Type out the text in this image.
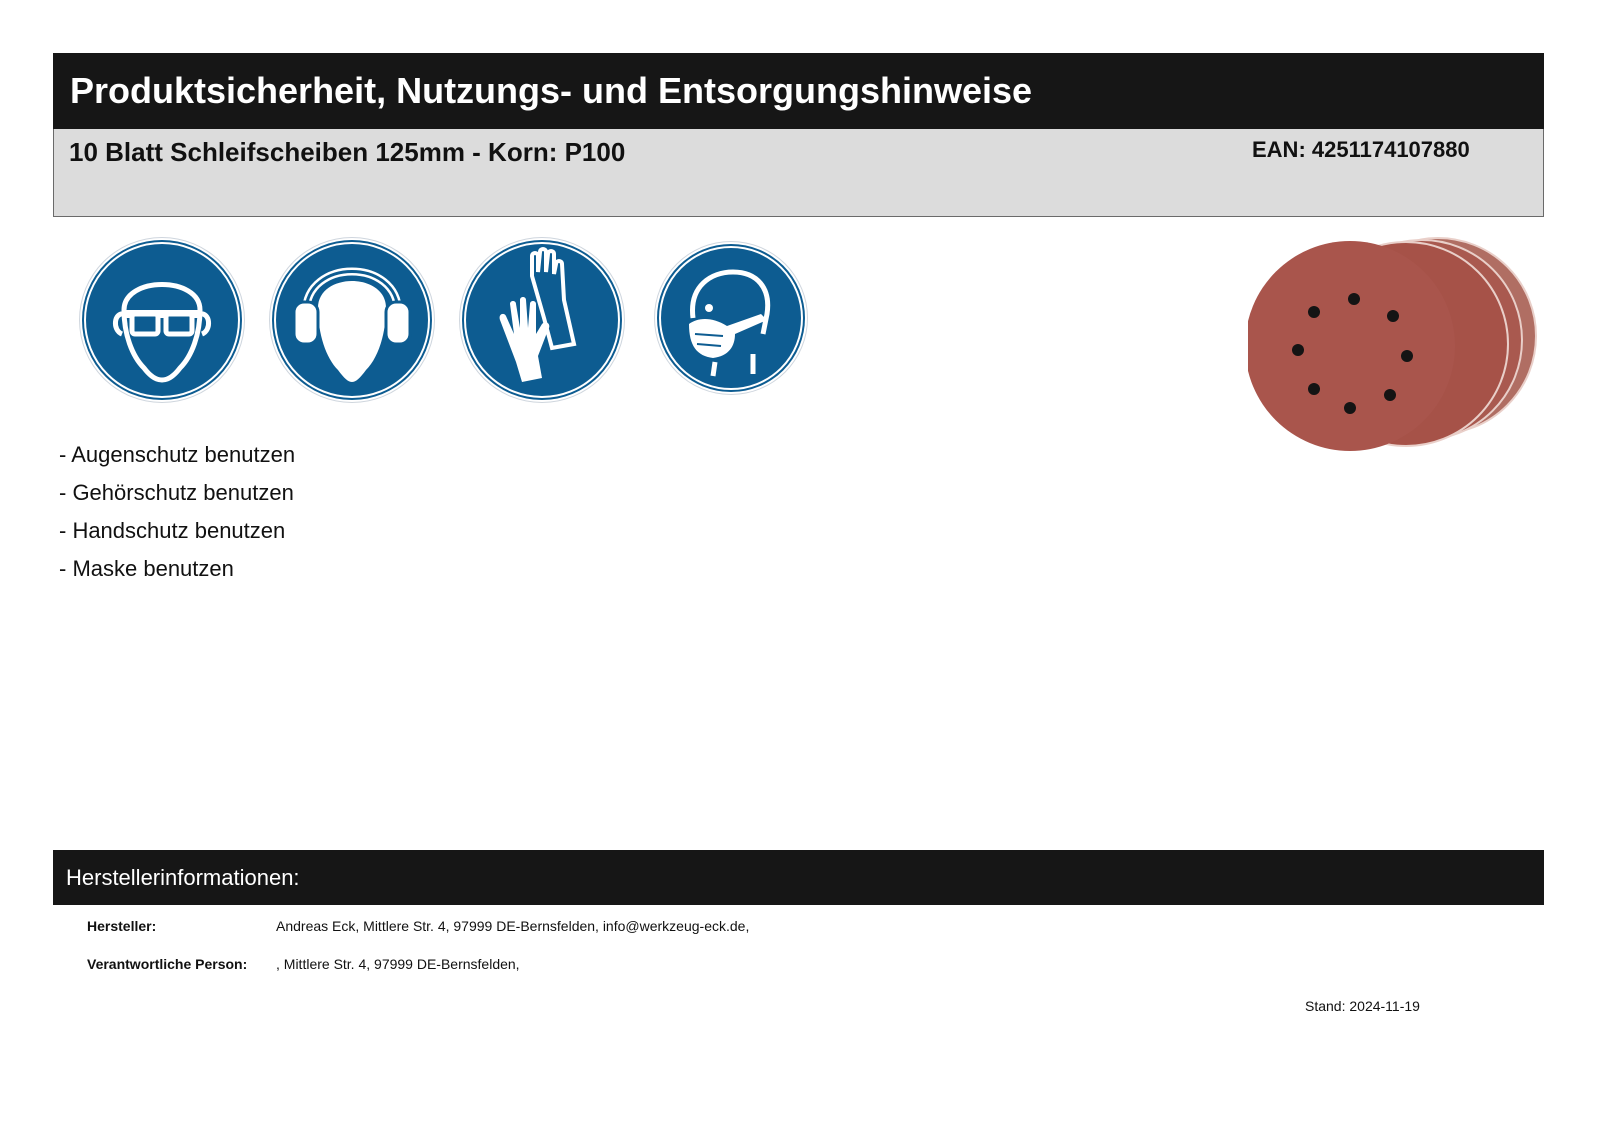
Produktsicherheit, Nutzungs- und Entsorgungshinweise
10 Blatt Schleifscheiben 125mm - Korn: P100	EAN: 4251174107880
- Augenschutz benutzen
- Gehörschutz benutzen
- Handschutz benutzen
- Maske benutzen
Herstellerinformationen:
Hersteller:	Andreas Eck, Mittlere Str. 4, 97999 DE-Bernsfelden, info@werkzeug-eck.de,
Verantwortliche Person: , Mittlere Str. 4, 97999 DE-Bernsfelden,
Stand: 2024-11-19
